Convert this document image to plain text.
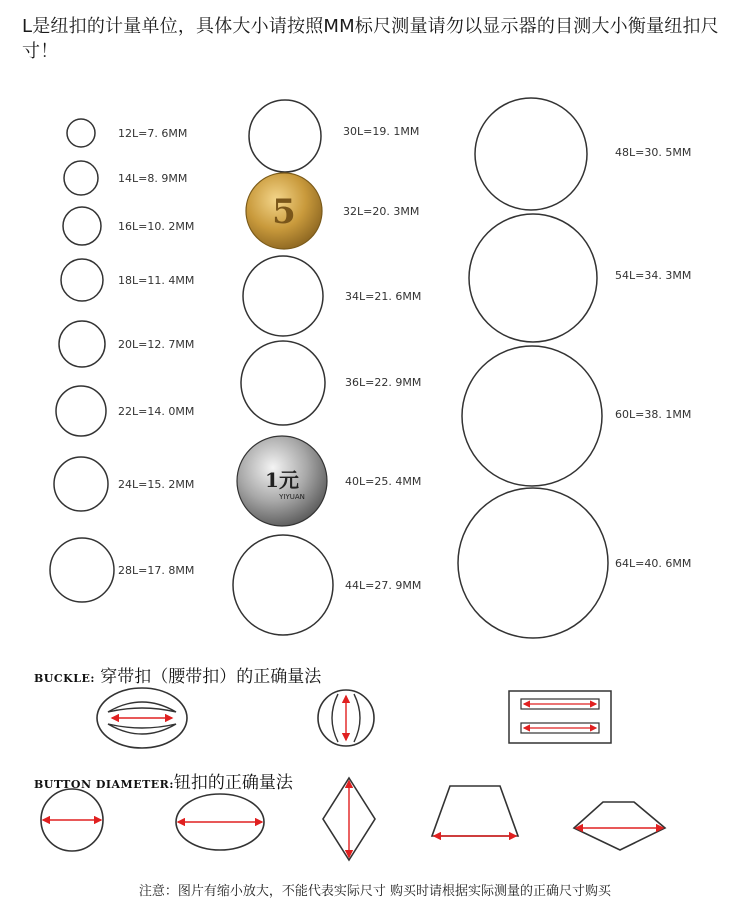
L是纽扣的计量单位，具体大小请按照MM标尺测量请勿以显示器的目测大小衡量纽扣尺寸！
12L=7. 6MM
14L=8. 9MM
16L=10. 2MM
18L=11. 4MM
20L=12. 7MM
22L=14. 0MM
24L=15. 2MM
28L=17. 8MM
30L=19. 1MM
5	32L=20. 3MM
34L=21. 6MM
36L=22. 9MM
1元
YIYUAN
40L=25. 4MM
44L=27. 9MM
48L=30. 5MM
54L=34. 3MM
60L=38. 1MM
64L=40. 6MM
BUCKLE: 穿带扣（腰带扣）的正确量法
BUTTON DIAMETER:钮扣的正确量法
注意：图片有缩小放大，不能代表实际尺寸 购买时请根据实际测量的正确尺寸购买
